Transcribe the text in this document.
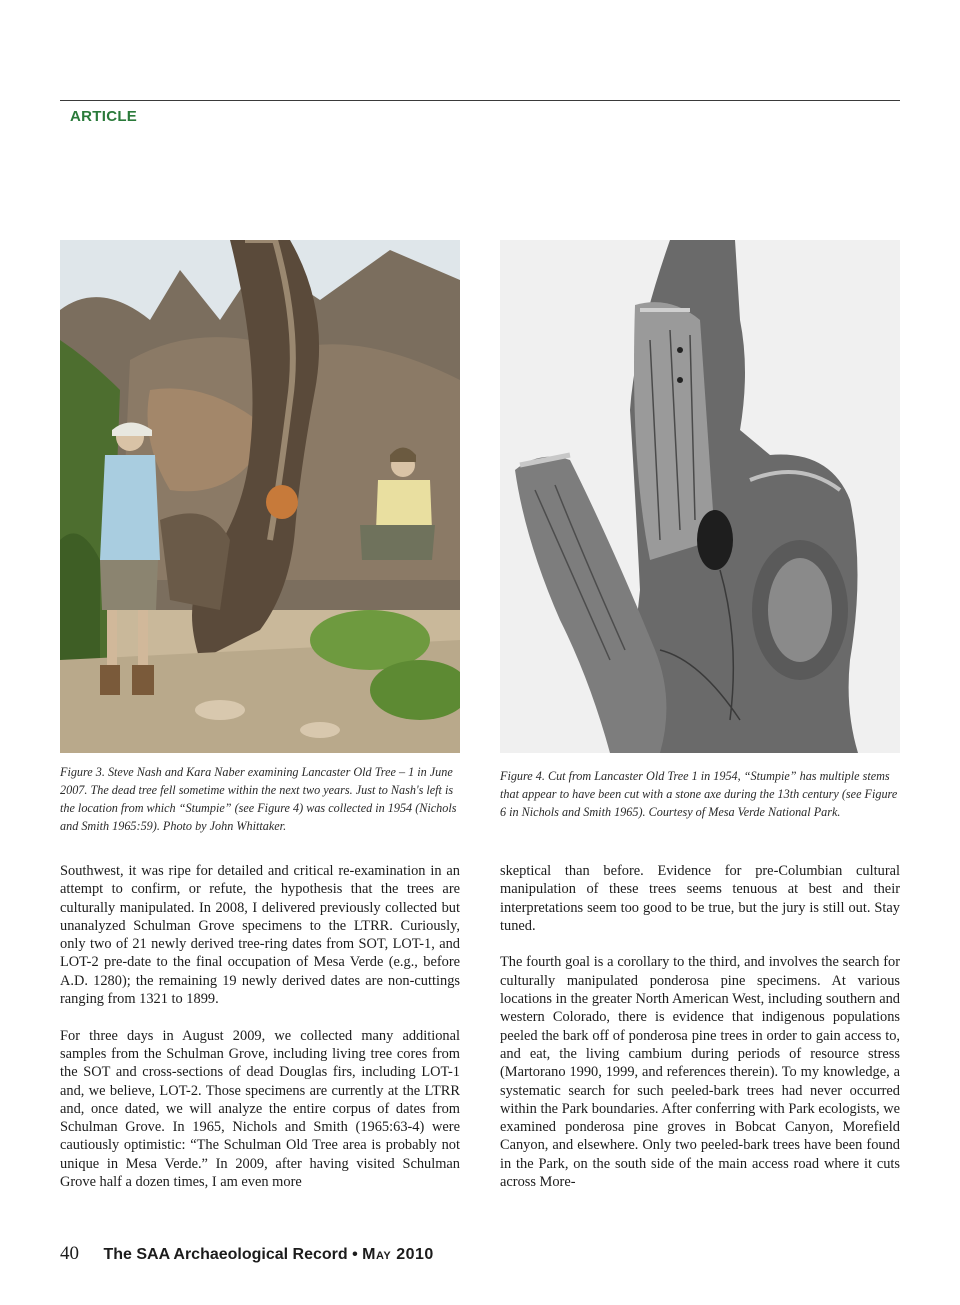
ARTICLE
Figure 3. Steve Nash and Kara Naber examining Lancaster Old Tree – 1 in June 2007. The dead tree fell sometime within the next two years. Just to Nash's left is the location from which “Stumpie” (see Figure 4) was collected in 1954 (Nichols and Smith 1965:59). Photo by John Whittaker.
Figure 4. Cut from Lancaster Old Tree 1 in 1954, “Stumpie” has multiple stems that appear to have been cut with a stone axe during the 13th century (see Figure 6 in Nichols and Smith 1965). Courtesy of Mesa Verde National Park.

Southwest, it was ripe for detailed and critical re-examination in an attempt to confirm, or refute, the hypothesis that the trees are culturally manipulated. In 2008, I delivered previously collected but unanalyzed Schulman Grove specimens to the LTRR. Curiously, only two of 21 newly derived tree-ring dates from SOT, LOT-1, and LOT-2 pre-date to the final occupation of Mesa Verde (e.g., before A.D. 1280); the remaining 19 newly derived dates are non-cuttings ranging from 1321 to 1899.

For three days in August 2009, we collected many additional samples from the Schulman Grove, including living tree cores from the SOT and cross-sections of dead Douglas firs, including LOT-1 and, we believe, LOT-2. Those specimens are currently at the LTRR and, once dated, we will analyze the entire corpus of dates from Schulman Grove. In 1965, Nichols and Smith (1965:63-4) were cautiously optimistic: “The Schulman Old Tree area is probably not unique in Mesa Verde.” In 2009, after having visited Schulman Grove half a dozen times, I am even more

skeptical than before. Evidence for pre-Columbian cultural manipulation of these trees seems tenuous at best and their interpretations seem too good to be true, but the jury is still out. Stay tuned.

The fourth goal is a corollary to the third, and involves the search for culturally manipulated ponderosa pine specimens. At various locations in the greater North American West, including southern and western Colorado, there is evidence that indigenous populations peeled the bark off of ponderosa pine trees in order to gain access to, and eat, the living cambium during periods of resource stress (Martorano 1990, 1999, and references therein). To my knowledge, a systematic search for such peeled-bark trees had never occurred within the Park boundaries. After conferring with Park ecologists, we examined ponderosa pine groves in Bobcat Canyon, Morefield Canyon, and elsewhere. Only two peeled-bark trees have been found in the Park, on the south side of the main access road where it cuts across More-

40 The SAA Archaeological Record • May 2010
